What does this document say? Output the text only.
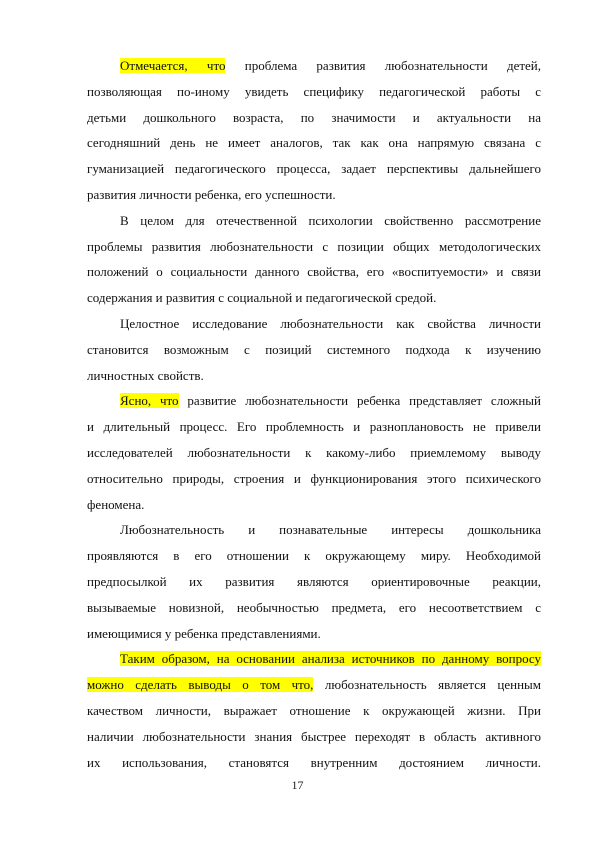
Отмечается, что проблема развития любознательности детей,
позволяющая по-иному увидеть специфику педагогической работы с
детьми дошкольного возраста, по значимости и актуальности на
сегодняшний день не имеет аналогов, так как она напрямую связана с
гуманизацией педагогического процесса, задает перспективы дальнейшего
развития личности ребенка, его успешности.

В целом для отечественной психологии свойственно рассмотрение
проблемы развития любознательности с позиции общих методологических
положений о социальности данного свойства, его «воспитуемости» и связи
содержания и развития с социальной и педагогической средой.

Целостное исследование любознательности как свойства личности
становится возможным с позиций системного подхода к изучению
личностных свойств.

Ясно, что развитие любознательности ребенка представляет сложный
и длительный процесс. Его проблемность и разноплановость не привели
исследователей любознательности к какому-либо приемлемому выводу
относительно природы, строения и функционирования этого психического
феномена.

Любознательность и познавательные интересы дошкольника
проявляются в его отношении к окружающему миру. Необходимой
предпосылкой их развития являются ориентировочные реакции,
вызываемые новизной, необычностью предмета, его несоответствием с
имеющимися у ребенка представлениями.

Таким образом, на основании анализа источников по данному вопросу
можно сделать выводы о том что, любознательность является ценным
качеством личности, выражает отношение к окружающей жизни. При
наличии любознательности знания быстрее переходят в область активного
их использования, становятся внутренним достоянием личности.

17
